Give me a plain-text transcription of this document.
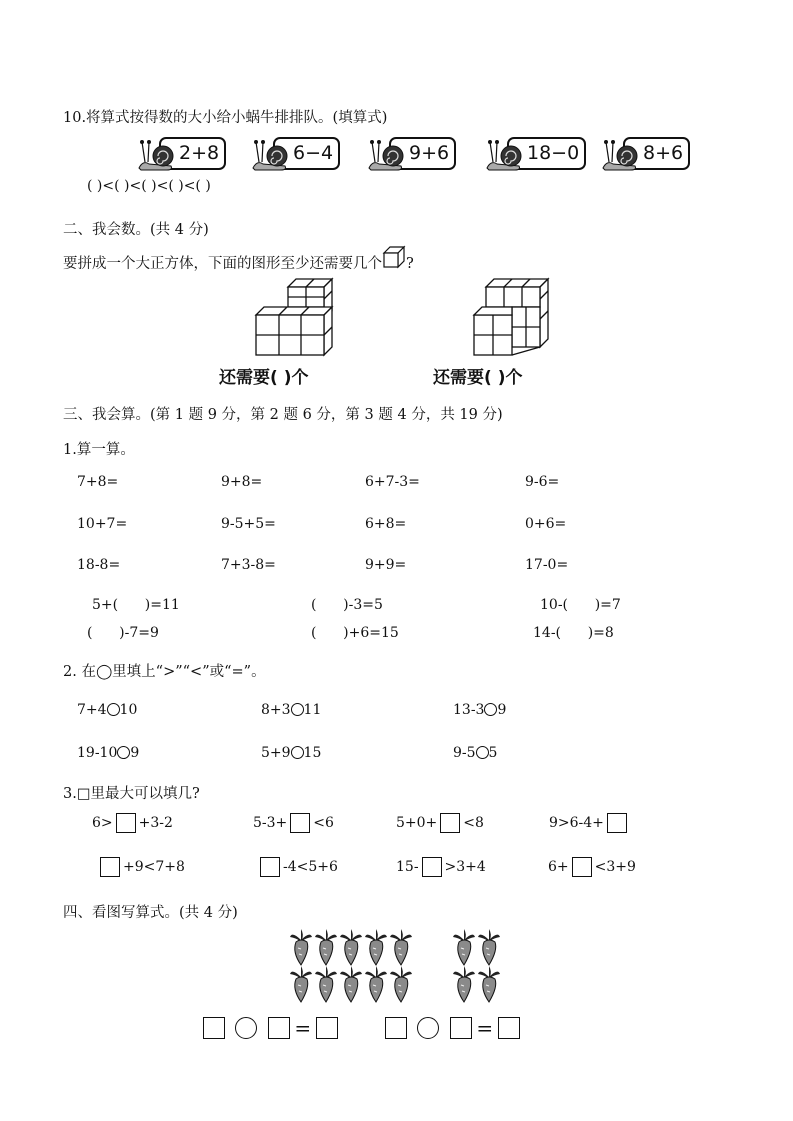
10.将算式按得数的大小给小蜗牛排排队。(填算式)
( )<( )<( )<( )<( )
二、我会数。(共 4 分)
要拼成一个大正方体，下面的图形至少还需要几个 ?
还需要( )个	还需要( )个
三、我会算。(第 1 题 9 分，第 2 题 6 分，第 3 题 4 分，共 19 分)
1.算一算。
2. 在◯里填上“>”“<”或“=”。
3.□里最大可以填几?
四、看图写算式。(共 4 分)
=	=
2+8	6−4	9+6	18−0	8+6
7+8=	9+8=	6+7-3=	9-6=
10+7=	9-5+5=	6+8=	0+6=
18-8=	7+3-8=	9+9=	17-0=
5+(      )=11	(      )-3=5	10-(      )=7
(      )-7=9	(      )+6=15	14-(      )=8
7+4 10	8+3 11	13-3 9
19-10 9	5+9 15	9-5 5
6> +3-2	5-3+ <6	5+0+ <8	9>6-4+
+9<7+8	-4<5+6	15- >3+4	6+ <3+9
